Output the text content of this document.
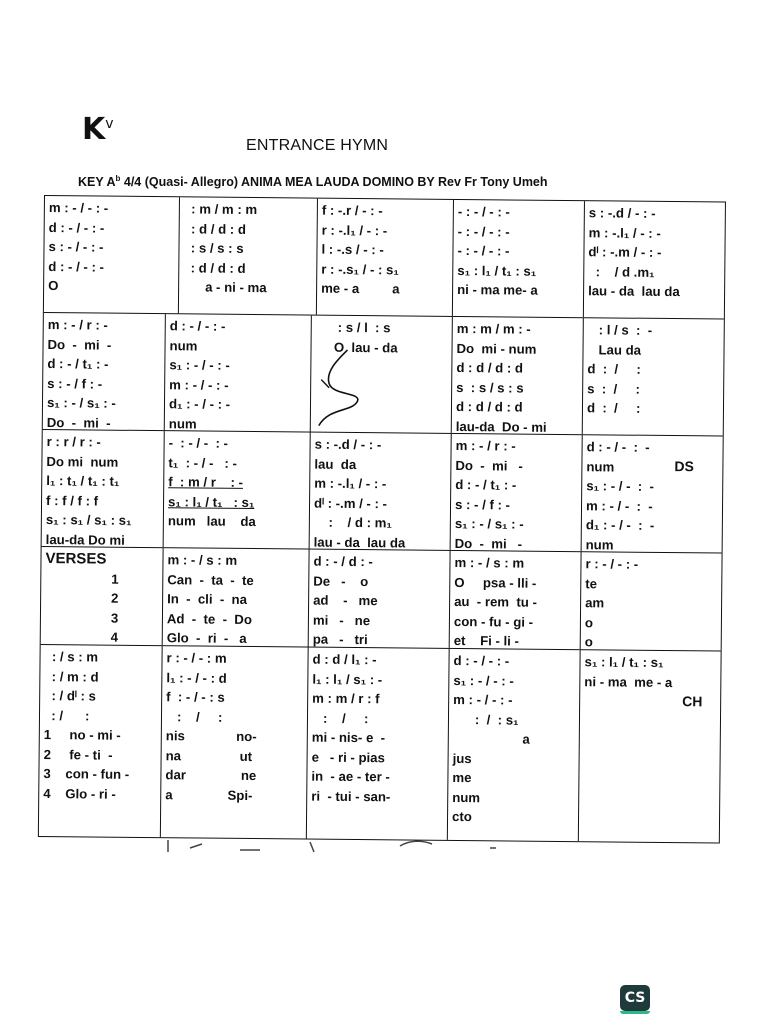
$K^v$
ENTRANCE HYMN
KEY $A^b$ 4/4 (Quasi- Allegro) ANIMA MEA LAUDA DOMINO BY Rev Fr Tony Umeh
m : - / - : -
d : - / - : -
s : - / - : -
d : - / - : -
O
: m / m : m
: d / d : d
: s / s : s
: d / d : d
a - ni - ma
f : -.r / - : -
r : -.l₁ / - : -
l : -.s / - : -
r : -.s₁ / - : s₁
me - a         a
- : - / - : -
- : - / - : -
- : - / - : -
s₁ : l₁ / t₁ : s₁
ni - ma me- a
s : -.d / - : -
m : -.l₁ / - : -
dˡ : -.m / - : -
:    / d .m₁
lau - da  lau da
m : - / r : -
Do  -  mi  -
d : - / t₁ : -
s : - / f : -
s₁ : - / s₁ : -
Do  -  mi  -
d : - / - : -
num
s₁ : - / - : -
m : - / - : -
d₁ : - / - : -
num
: s / l  : s
O  lau - da
m : m / m : -
Do  mi - num
d : d / d : d
s  : s / s : s
d : d / d : d
lau-da  Do - mi
: l / s  :  -
Lau da
d  :  /     :
s  :  /     :
d  :  /     :
r : r / r : -
Do mi  num
l₁ : t₁ / t₁ : t₁
f : f / f : f
s₁ : s₁ / s₁ : s₁
lau-da Do mi
-  : - / -  : -
t₁  : - / -   : -
f  : m / r    : -
s₁ : l₁ / t₁   : s₁
num   lau    da
s : -.d / - : -
lau  da
m : -.l₁ / - : -
dˡ : -.m / - : -
:    / d : m₁
lau - da  lau da
m : - / r : -
Do  -  mi   -
d : - / t₁ : -
s : - / f : -
s₁ : - / s₁ : -
Do  -  mi   -
d : - / -  :  -
num
s₁ : - / -  :  -
m : - / -  :  -
d₁ : - / -  :  -
num
DS
VERSES
1
2
3
4
m : - / s : m
Can  -  ta  -  te
In  -  cli  -  na
Ad  -  te  -  Do
Glo  -  ri  -   a
d : - / d : -
De   -    o
ad    -   me
mi   -   ne
pa   -   tri
m : - / s : m
O     psa - lli -
au  - rem  tu -
con - fu - gi -
et    Fi - li -
r : - / - : -
te
am
o
o
: / s : m
: / m : d
: / dˡ : s
: /      :
1     no - mi -
2     fe - ti  -
3    con - fun -
4    Glo - ri -
r : - / - : m
l₁ : - / - : d
f  : - / - : s
:    /     :
nis              no-
na                ut
dar               ne
a               Spi-
d : d / l₁ : -
l₁ : l₁ / s₁ : -
m : m / r : f
:    /     :
mi - nis- e  -
e   - ri - pias
in  - ae - ter -
ri  - tui - san-
d : - / - : -
s₁ : - / - : -
m : - / - : -
:  /  : s₁
a
jus
me
num
cto
s₁ : l₁ / t₁ : s₁
ni - ma  me - a
CH
CS
